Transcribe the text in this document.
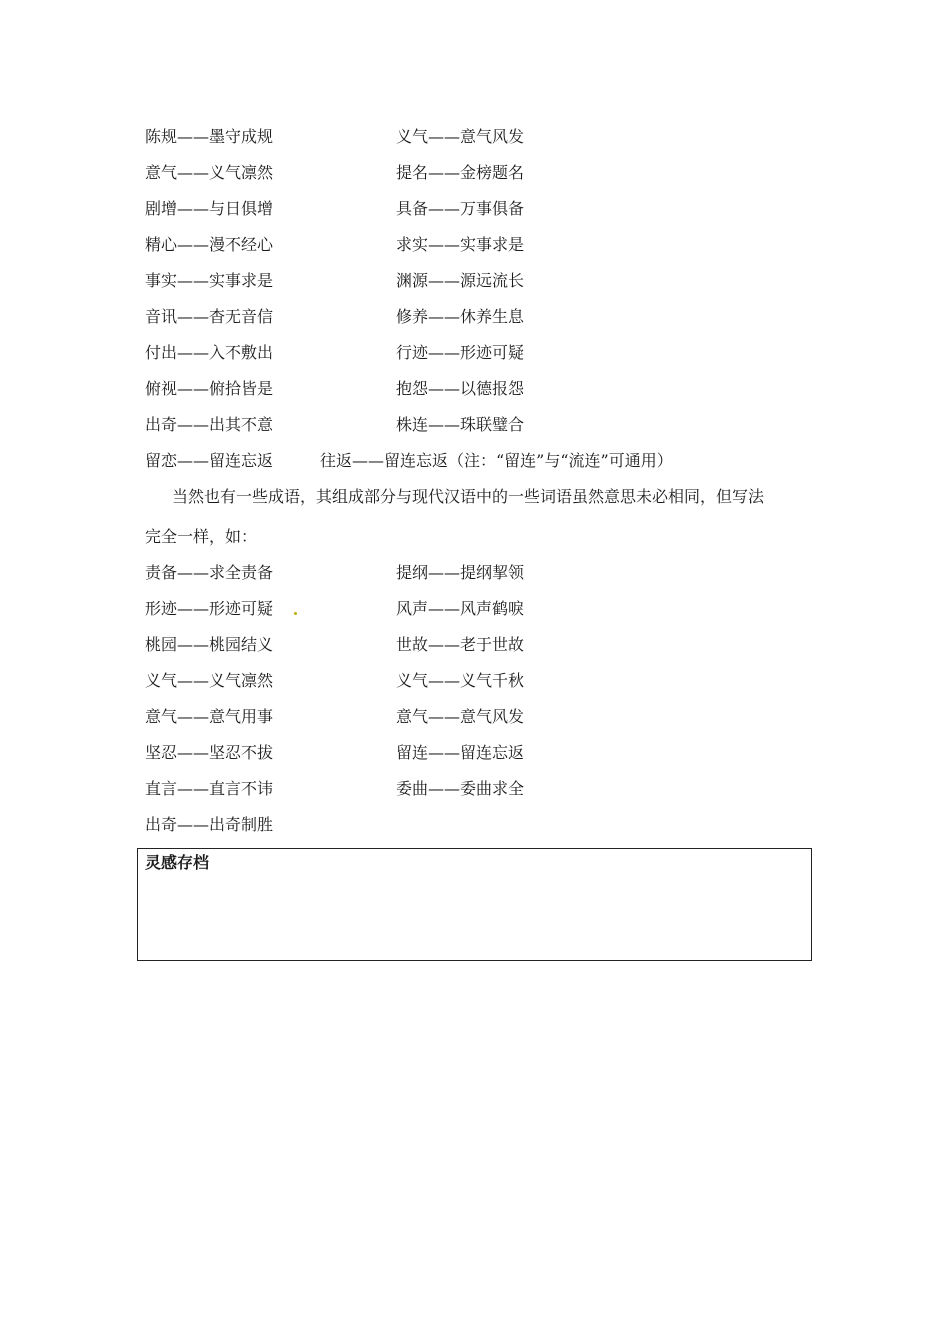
陈规——墨守成规	义气——意气风发
意气——义气凛然	提名——金榜题名
剧增——与日俱增	具备——万事俱备
精心——漫不经心	求实——实事求是
事实——实事求是	渊源——源远流长
音讯——杳无音信	修养——休养生息
付出——入不敷出	行迹——形迹可疑
俯视——俯拾皆是	抱怨——以德报怨
出奇——出其不意	株连——珠联璧合
留恋——留连忘返	往返——留连忘返（注：“留连”与“流连”可通用）
当然也有一些成语，其组成部分与现代汉语中的一些词语虽然意思未必相同，但写法
完全一样，如：
责备——求全责备	提纲——提纲挈领
形迹——形迹可疑	风声——风声鹤唳
桃园——桃园结义	世故——老于世故
义气——义气凛然	义气——义气千秋
意气——意气用事	意气——意气风发
坚忍——坚忍不拔	留连——留连忘返
直言——直言不讳	委曲——委曲求全
出奇——出奇制胜
灵感存档
